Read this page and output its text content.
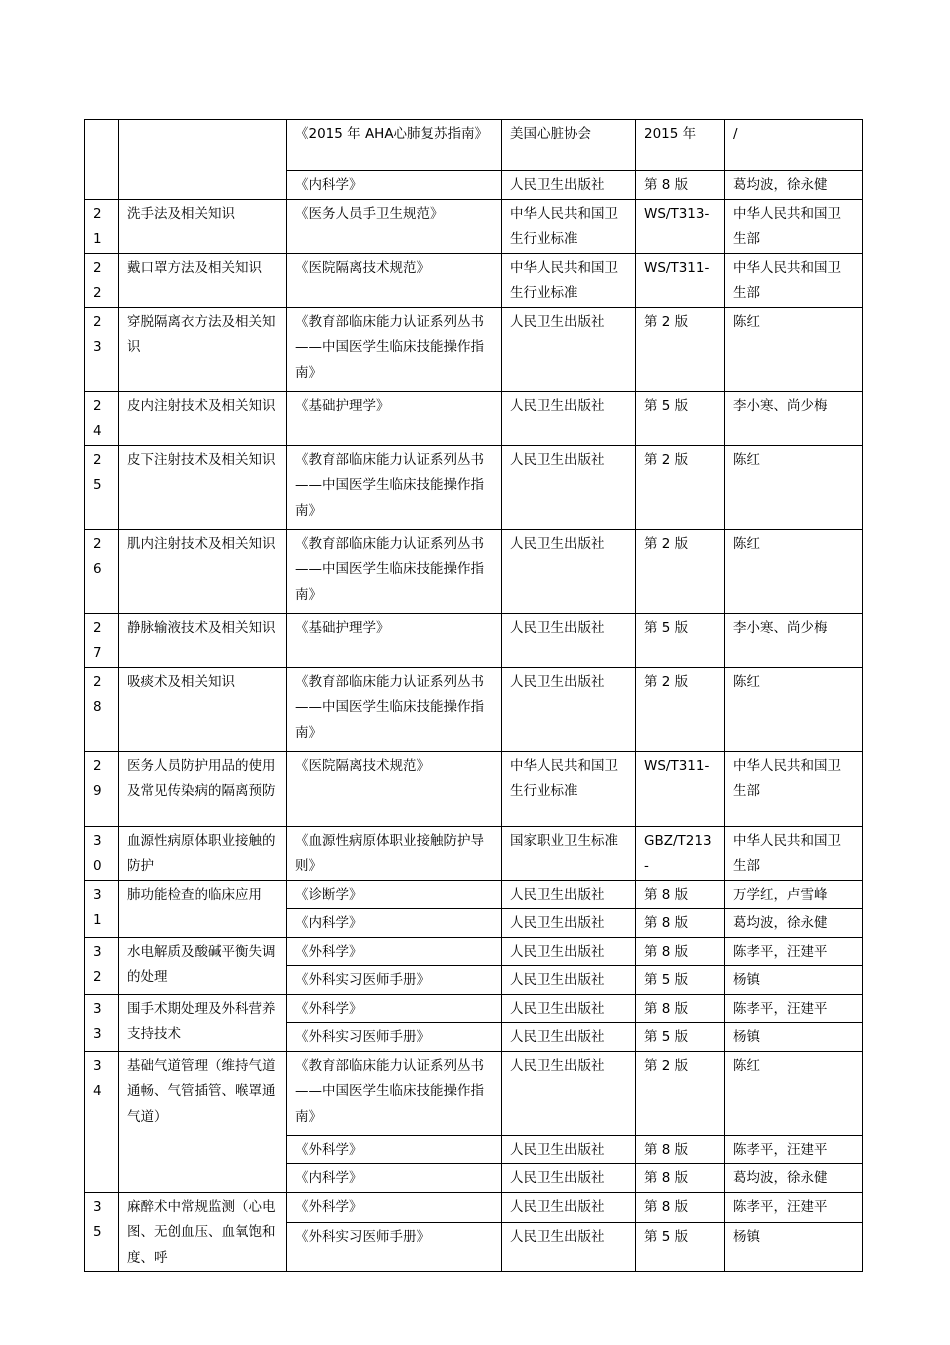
		《2015 年 AHA心肺复苏指南》	美国心脏协会	2015 年	/
		《内科学》	人民卫生出版社	第 8 版	葛均波，徐永健
21	洗手法及相关知识	《医务人员手卫生规范》	中华人民共和国卫生行业标准	WS/T313-	中华人民共和国卫生部
22	戴口罩方法及相关知识	《医院隔离技术规范》	中华人民共和国卫生行业标准	WS/T311-	中华人民共和国卫生部
23	穿脱隔离衣方法及相关知识	《教育部临床能力认证系列丛书——中国医学生临床技能操作指南》	人民卫生出版社	第 2 版	陈红
24	皮内注射技术及相关知识	《基础护理学》	人民卫生出版社	第 5 版	李小寒、尚少梅
25	皮下注射技术及相关知识	《教育部临床能力认证系列丛书——中国医学生临床技能操作指南》	人民卫生出版社	第 2 版	陈红
26	肌内注射技术及相关知识	《教育部临床能力认证系列丛书——中国医学生临床技能操作指南》	人民卫生出版社	第 2 版	陈红
27	静脉输液技术及相关知识	《基础护理学》	人民卫生出版社	第 5 版	李小寒、尚少梅
28	吸痰术及相关知识	《教育部临床能力认证系列丛书——中国医学生临床技能操作指南》	人民卫生出版社	第 2 版	陈红
29	医务人员防护用品的使用及常见传染病的隔离预防	《医院隔离技术规范》	中华人民共和国卫生行业标准	WS/T311-	中华人民共和国卫生部
30	血源性病原体职业接触的防护	《血源性病原体职业接触防护导则》	国家职业卫生标准	GBZ/T213-	中华人民共和国卫生部
31	肺功能检查的临床应用	《诊断学》	人民卫生出版社	第 8 版	万学红，卢雪峰
		《内科学》	人民卫生出版社	第 8 版	葛均波，徐永健
32	水电解质及酸碱平衡失调的处理	《外科学》	人民卫生出版社	第 8 版	陈孝平，汪建平
		《外科实习医师手册》	人民卫生出版社	第 5 版	杨镇
33	围手术期处理及外科营养支持技术	《外科学》	人民卫生出版社	第 8 版	陈孝平，汪建平
		《外科实习医师手册》	人民卫生出版社	第 5 版	杨镇
34	基础气道管理（维持气道通畅、气管插管、喉罩通气道）	《教育部临床能力认证系列丛书——中国医学生临床技能操作指南》	人民卫生出版社	第 2 版	陈红
		《外科学》	人民卫生出版社	第 8 版	陈孝平，汪建平
		《内科学》	人民卫生出版社	第 8 版	葛均波，徐永健
35	麻醉术中常规监测（心电图、无创血压、血氧饱和度、呼	《外科学》	人民卫生出版社	第 8 版	陈孝平，汪建平
		《外科实习医师手册》	人民卫生出版社	第 5 版	杨镇
